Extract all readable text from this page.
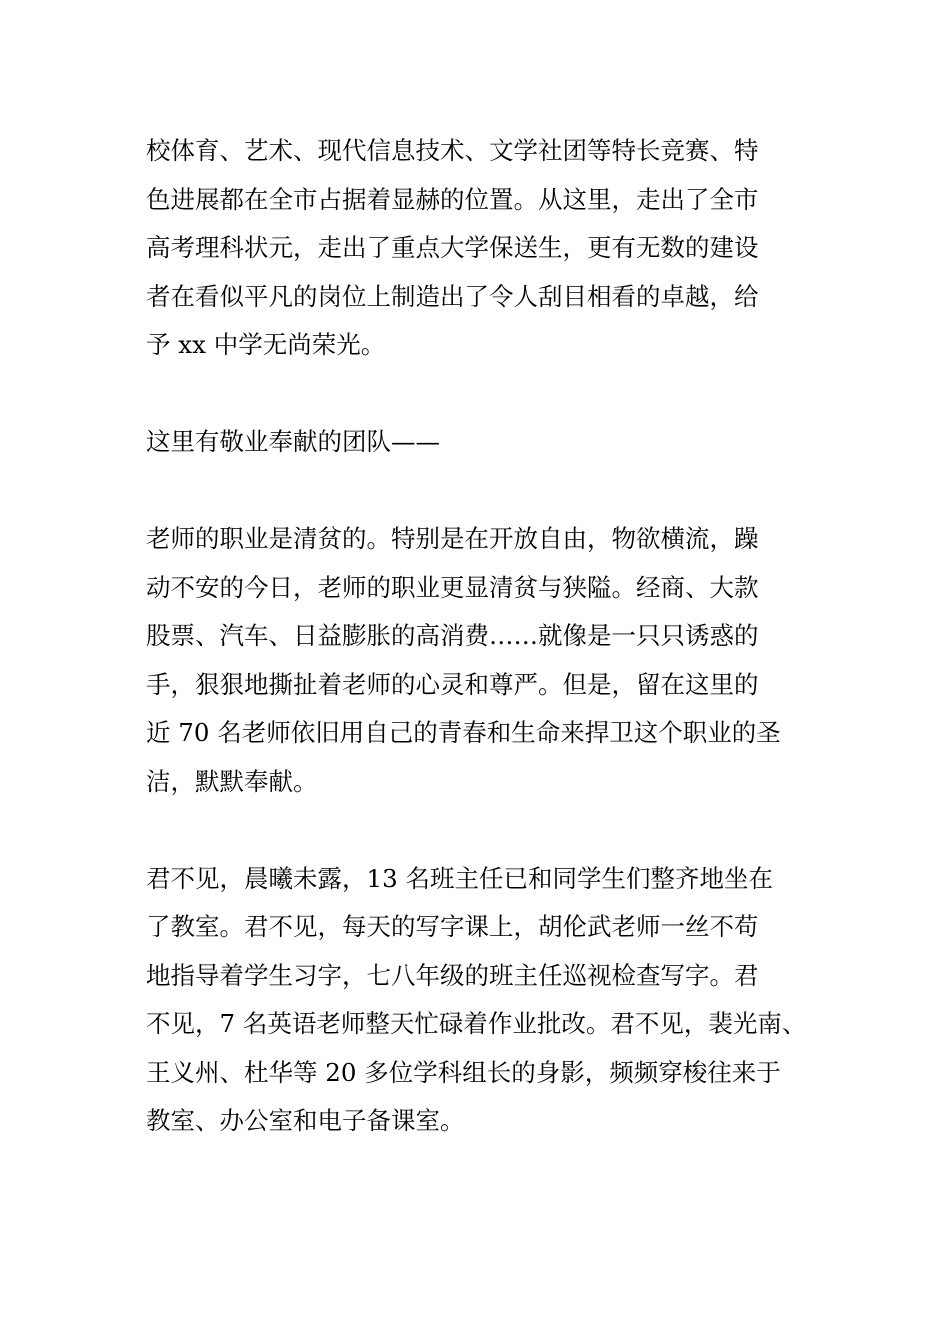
校体育、艺术、现代信息技术、文学社团等特长竞赛、特
色进展都在全市占据着显赫的位置。从这里，走出了全市
高考理科状元，走出了重点大学保送生，更有无数的建设
者在看似平凡的岗位上制造出了令人刮目相看的卓越，给
予 xx 中学无尚荣光。

这里有敬业奉献的团队——

老师的职业是清贫的。特别是在开放自由，物欲横流，躁
动不安的今日，老师的职业更显清贫与狭隘。经商、大款
股票、汽车、日益膨胀的高消费……就像是一只只诱惑的
手，狠狠地撕扯着老师的心灵和尊严。但是，留在这里的
近 70 名老师依旧用自己的青春和生命来捍卫这个职业的圣
洁，默默奉献。

君不见，晨曦未露，13 名班主任已和同学生们整齐地坐在
了教室。君不见，每天的写字课上，胡伦武老师一丝不苟
地指导着学生习字，七八年级的班主任巡视检查写字。君
不见，7 名英语老师整天忙碌着作业批改。君不见，裴光南、
王义州、杜华等 20 多位学科组长的身影，频频穿梭往来于
教室、办公室和电子备课室。
